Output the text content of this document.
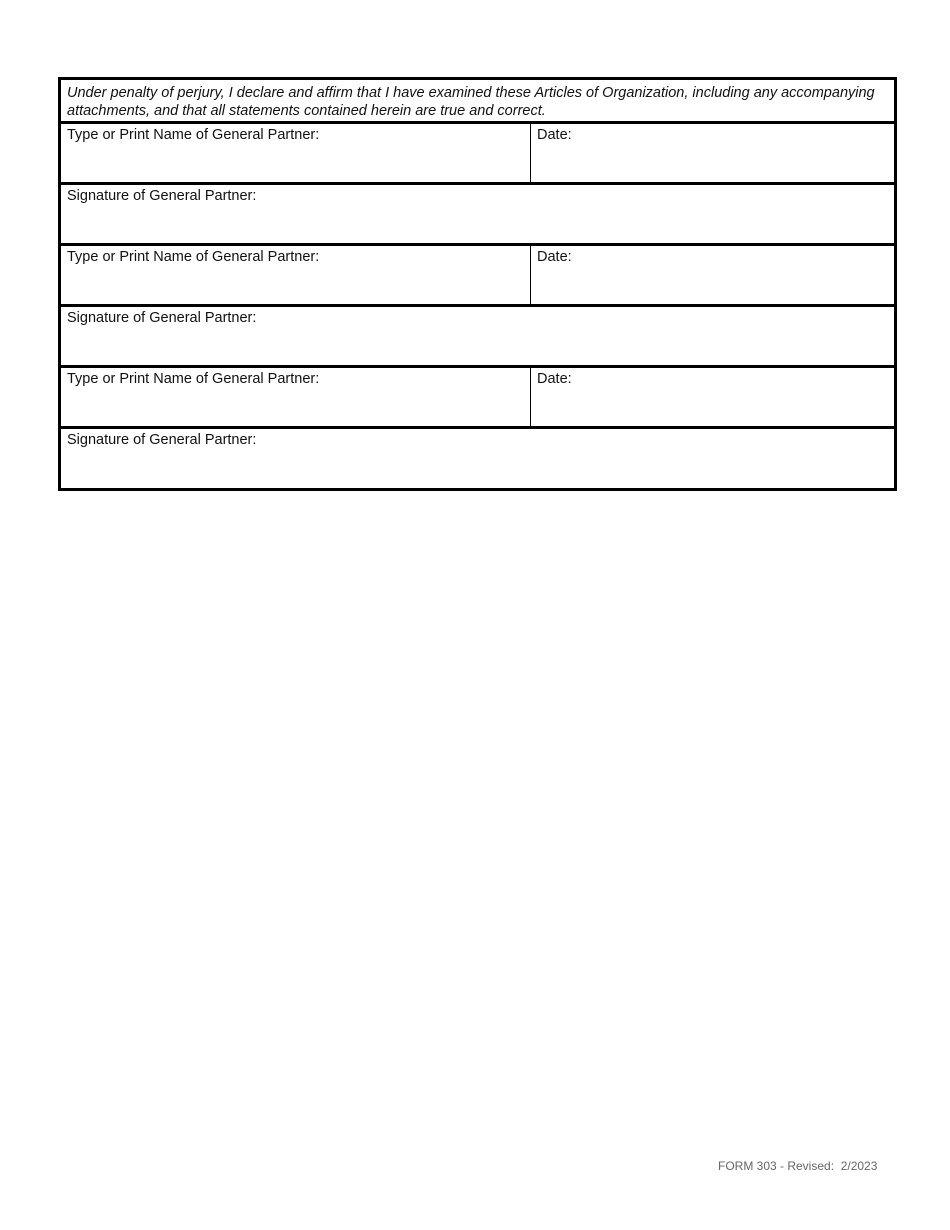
Under penalty of perjury, I declare and affirm that I have examined these Articles of Organization, including any accompanying attachments, and that all statements contained herein are true and correct.
Type or Print Name of General Partner:	Date:
Signature of General Partner:
Type or Print Name of General Partner:	Date:
Signature of General Partner:
Type or Print Name of General Partner:	Date:
Signature of General Partner:
FORM 303 - Revised:  2/2023
